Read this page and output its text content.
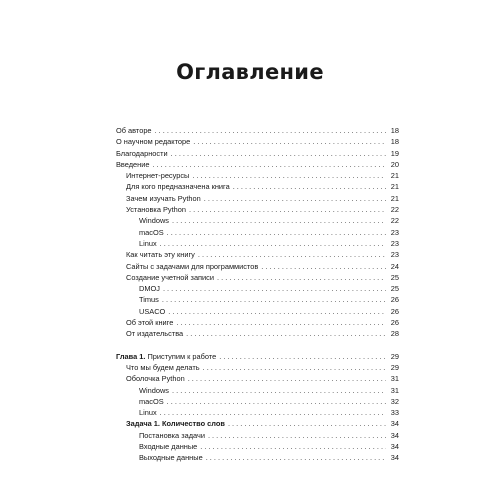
Оглавление
Об авторе . . .	18
О научном редакторе . . .	18
Благодарности . . .	19
Введение . . .	20
Интернет-ресурсы . . .	21
Для кого предназначена книга . . .	21
Зачем изучать Python . . .	21
Установка Python . . .	22
Windows . . .	22
macOS . . .	23
Linux . . .	23
Как читать эту книгу . . .	23
Сайты с задачами для программистов . . .	24
Создание учетной записи . . .	25
DMOJ . . .	25
Timus . . .	26
USACO . . .	26
Об этой книге . . .	26
От издательства . . .	28
Глава 1. Приступим к работе . . .	29
Что мы будем делать . . .	29
Оболочка Python . . .	31
Windows . . .	31
macOS . . .	32
Linux . . .	33
Задача 1. Количество слов . . .	34
Постановка задачи . . .	34
Входные данные . . .	34
Выходные данные . . .	34
